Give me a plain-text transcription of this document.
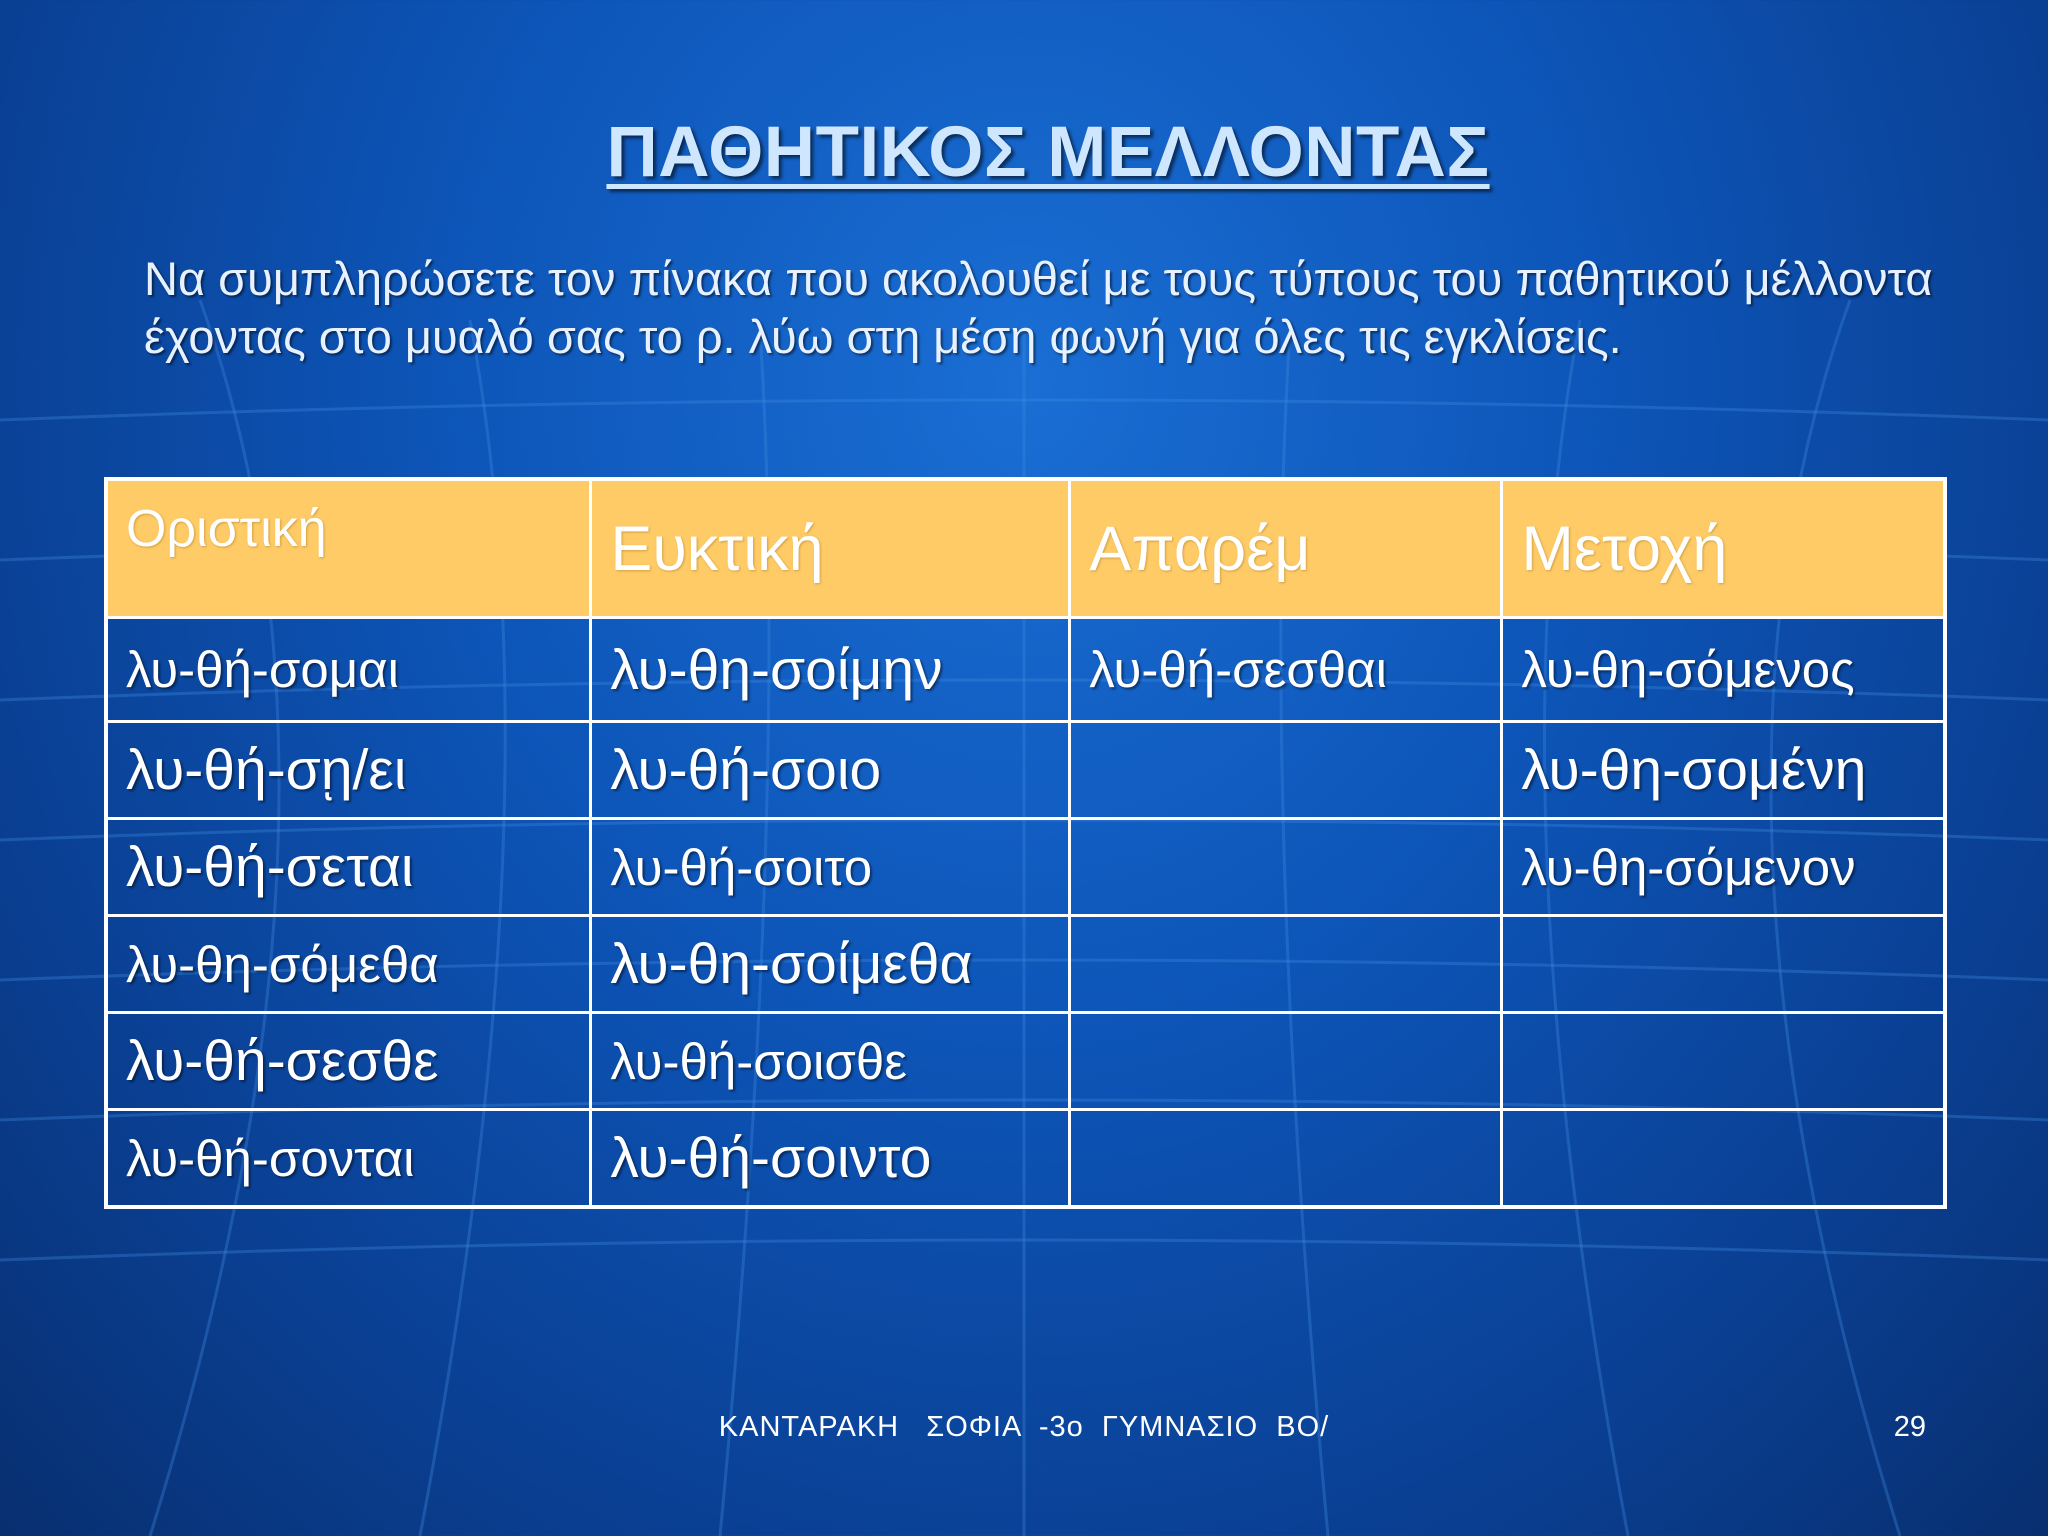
ΠΑΘΗΤΙΚΟΣ ΜΕΛΛΟΝΤΑΣ
Να συμπληρώσετε τον πίνακα που ακολουθεί με τους τύπους του παθητικού μέλλοντα έχοντας στο μυαλό σας το ρ. λύω στη μέση φωνή για όλες τις εγκλίσεις.
Οριστική	Ευκτική	Απαρέμ	Μετοχή
λυ-θή-σομαι	λυ-θη-σοίμην	λυ-θή-σεσθαι	λυ-θη-σόμενος
λυ-θή-σῃ/ει	λυ-θή-σοιο		λυ-θη-σομένη
λυ-θή-σεται	λυ-θή-σοιτο		λυ-θη-σόμενον
λυ-θη-σόμεθα	λυ-θη-σοίμεθα		
λυ-θή-σεσθε	λυ-θή-σοισθε		
λυ-θή-σονται	λυ-θή-σοιντο		
ΚΑΝΤΑΡΑΚΗ   ΣΟΦΙΑ  -3ο  ΓΥΜΝΑΣΙΟ  ΒΟ/	29
